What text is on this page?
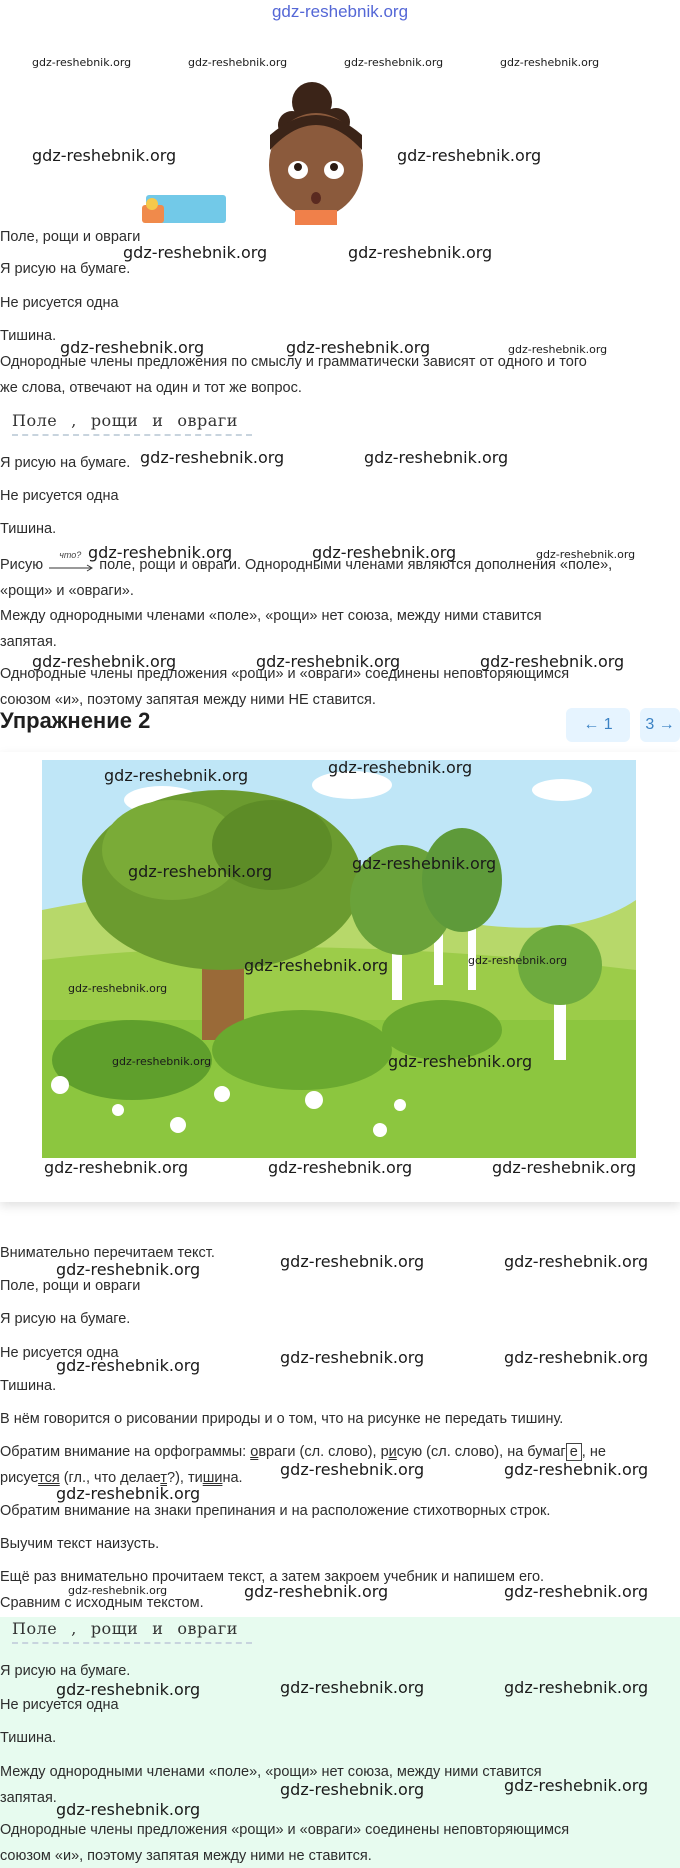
gdz-reshebnik.org
gdz-reshebnik.org	gdz-reshebnik.org	gdz-reshebnik.org	gdz-reshebnik.org
gdz-reshebnik.org	gdz-reshebnik.org
Поле, рощи и овраги
gdz-reshebnik.org	gdz-reshebnik.org
Я рисую на бумаге.
Не рисуется одна
Тишина.
gdz-reshebnik.org	gdz-reshebnik.org	gdz-reshebnik.org
Однородные члены предложения по смыслу и грамматически зависят от одного и того
же слова, отвечают на один и тот же вопрос.
Поле , рощи и овраги
Я рисую на бумаге. gdz-reshebnik.org	gdz-reshebnik.org
Не рисуется одна
Тишина.
gdz-reshebnik.org	gdz-reshebnik.org	gdz-reshebnik.org
Рисую
что?
поле, рощи и овраги. Однородными членами являются дополнения «поле»,
«рощи» и «овраги».
Между однородными членами «поле», «рощи» нет союза, между ними ставится
запятая.
gdz-reshebnik.org	gdz-reshebnik.org	gdz-reshebnik.org
Однородные члены предложения «рощи» и «овраги» соединены неповторяющимся
союзом «и», поэтому запятая между ними НЕ ставится.
Упражнение 2	← 1	3 →
gdz-reshebnik.org	gdz-reshebnik.org
gdz-reshebnik.org
gdz-reshebnik.org
gdz-reshebnik.org	gdz-reshebnik.org
gdz-reshebnik.org
gdz-reshebnik.org	gdz-reshebnik.org
gdz-reshebnik.org	gdz-reshebnik.org	gdz-reshebnik.org
Внимательно перечитаем текст.	gdz-reshebnik.org	gdz-reshebnik.org
gdz-reshebnik.org
Поле, рощи и овраги
Я рисую на бумаге.
Не рисуется одна
gdz-reshebnik.org	gdz-reshebnik.org	gdz-reshebnik.org
Тишина.
В нём говорится о рисовании природы и о том, что на рисунке не передать тишину.
Обратим внимание на орфограммы: овраги (сл. слово), рисую (сл. слово), на бумаг е , не
рисуется (гл., что делает?), тишина. gdz-reshebnik.org	gdz-reshebnik.org
gdz-reshebnik.org
Обратим внимание на знаки препинания и на расположение стихотворных строк.
Выучим текст наизусть.
Ещё раз внимательно прочитаем текст, а затем закроем учебник и напишем его.
gdz-reshebnik.org	gdz-reshebnik.org	gdz-reshebnik.org
Сравним с исходным текстом.
Поле , рощи и овраги
Я рисую на бумаге.
gdz-reshebnik.org	gdz-reshebnik.org	gdz-reshebnik.org
Не рисуется одна
Тишина.
Между однородными членами «поле», «рощи» нет союза, между ними ставится
gdz-reshebnik.org	gdz-reshebnik.org
запятая.
gdz-reshebnik.org
Однородные члены предложения «рощи» и «овраги» соединены неповторяющимся
союзом «и», поэтому запятая между ними не ставится.
